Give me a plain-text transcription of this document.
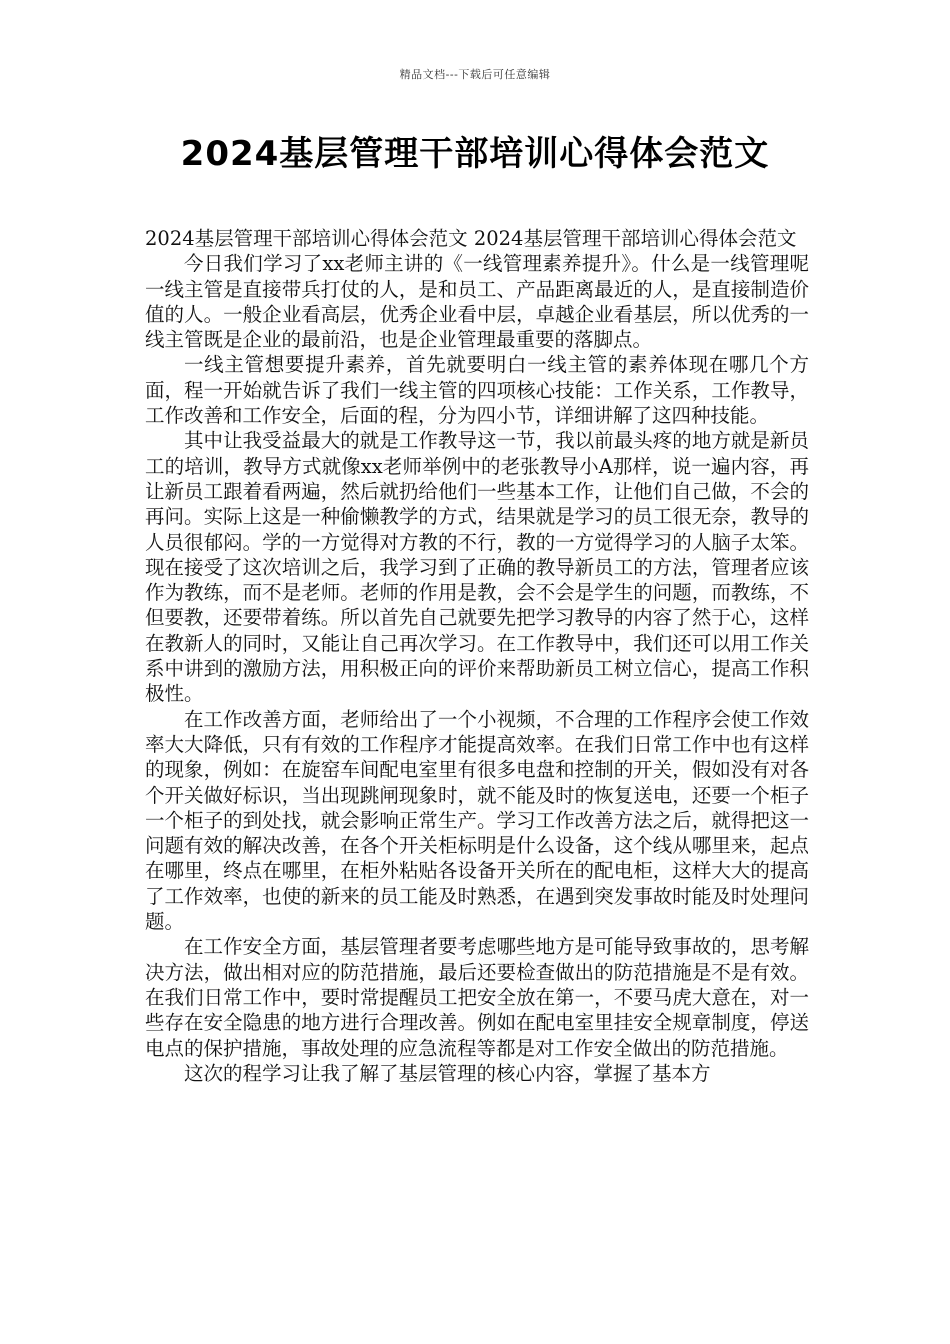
精品文档---下载后可任意编辑
2024基层管理干部培训心得体会范文

2024基层管理干部培训心得体会范文 2024基层管理干部培训心得体会范文

今日我们学习了xx老师主讲的《一线管理素养提升》。什么是一线管理呢一线主管是直接带兵打仗的人，是和员工、产品距离最近的人，是直接制造价值的人。一般企业看高层，优秀企业看中层，卓越企业看基层，所以优秀的一线主管既是企业的最前沿，也是企业管理最重要的落脚点。

一线主管想要提升素养，首先就要明白一线主管的素养体现在哪几个方面，程一开始就告诉了我们一线主管的四项核心技能：工作关系，工作教导，工作改善和工作安全，后面的程，分为四小节，详细讲解了这四种技能。

其中让我受益最大的就是工作教导这一节，我以前最头疼的地方就是新员工的培训，教导方式就像xx老师举例中的老张教导小A那样，说一遍内容，再让新员工跟着看两遍，然后就扔给他们一些基本工作，让他们自己做，不会的再问。实际上这是一种偷懒教学的方式，结果就是学习的员工很无奈，教导的人员很郁闷。学的一方觉得对方教的不行，教的一方觉得学习的人脑子太笨。现在接受了这次培训之后，我学习到了正确的教导新员工的方法，管理者应该作为教练，而不是老师。老师的作用是教，会不会是学生的问题，而教练，不但要教，还要带着练。所以首先自己就要先把学习教导的内容了然于心，这样在教新人的同时，又能让自己再次学习。在工作教导中，我们还可以用工作关系中讲到的激励方法，用积极正向的评价来帮助新员工树立信心，提高工作积极性。

在工作改善方面，老师给出了一个小视频，不合理的工作程序会使工作效率大大降低，只有有效的工作程序才能提高效率。在我们日常工作中也有这样的现象，例如：在旋窑车间配电室里有很多电盘和控制的开关，假如没有对各个开关做好标识，当出现跳闸现象时，就不能及时的恢复送电，还要一个柜子一个柜子的到处找，就会影响正常生产。学习工作改善方法之后，就得把这一问题有效的解决改善，在各个开关柜标明是什么设备，这个线从哪里来，起点在哪里，终点在哪里，在柜外粘贴各设备开关所在的配电柜，这样大大的提高了工作效率，也使的新来的员工能及时熟悉，在遇到突发事故时能及时处理问题。

在工作安全方面，基层管理者要考虑哪些地方是可能导致事故的，思考解决方法，做出相对应的防范措施，最后还要检查做出的防范措施是不是有效。在我们日常工作中，要时常提醒员工把安全放在第一，不要马虎大意在，对一些存在安全隐患的地方进行合理改善。例如在配电室里挂安全规章制度，停送电点的保护措施，事故处理的应急流程等都是对工作安全做出的防范措施。

这次的程学习让我了解了基层管理的核心内容，掌握了基本方
